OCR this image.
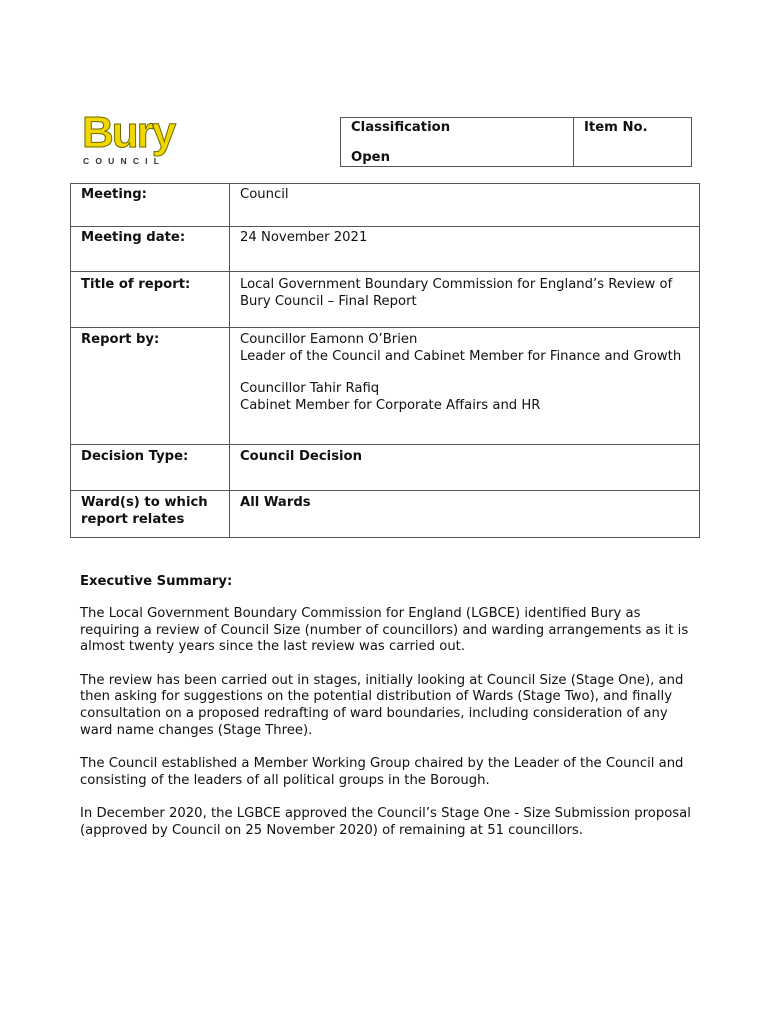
Bury
COUNCIL
Classification
Open
Item No.
Meeting:	Council
Meeting date:	24 November 2021
Title of report:	Local Government Boundary Commission for England’s Review of Bury Council – Final Report
Report by:	Councillor Eamonn O’Brien
Leader of the Council and Cabinet Member for Finance and Growth
Councillor Tahir Rafiq
Cabinet Member for Corporate Affairs and HR

Decision Type:	Council Decision
Ward(s) to which report relates	All Wards
Executive Summary:

The Local Government Boundary Commission for England (LGBCE) identified Bury as requiring a review of Council Size (number of councillors) and warding arrangements as it is almost twenty years since the last review was carried out.

The review has been carried out in stages, initially looking at Council Size (Stage One), and then asking for suggestions on the potential distribution of Wards (Stage Two), and finally consultation on a proposed redrafting of ward boundaries, including consideration of any ward name changes (Stage Three).

The Council established a Member Working Group chaired by the Leader of the Council and consisting of the leaders of all political groups in the Borough.

In December 2020, the LGBCE approved the Council’s Stage One - Size Submission proposal (approved by Council on 25 November 2020) of remaining at 51 councillors.
